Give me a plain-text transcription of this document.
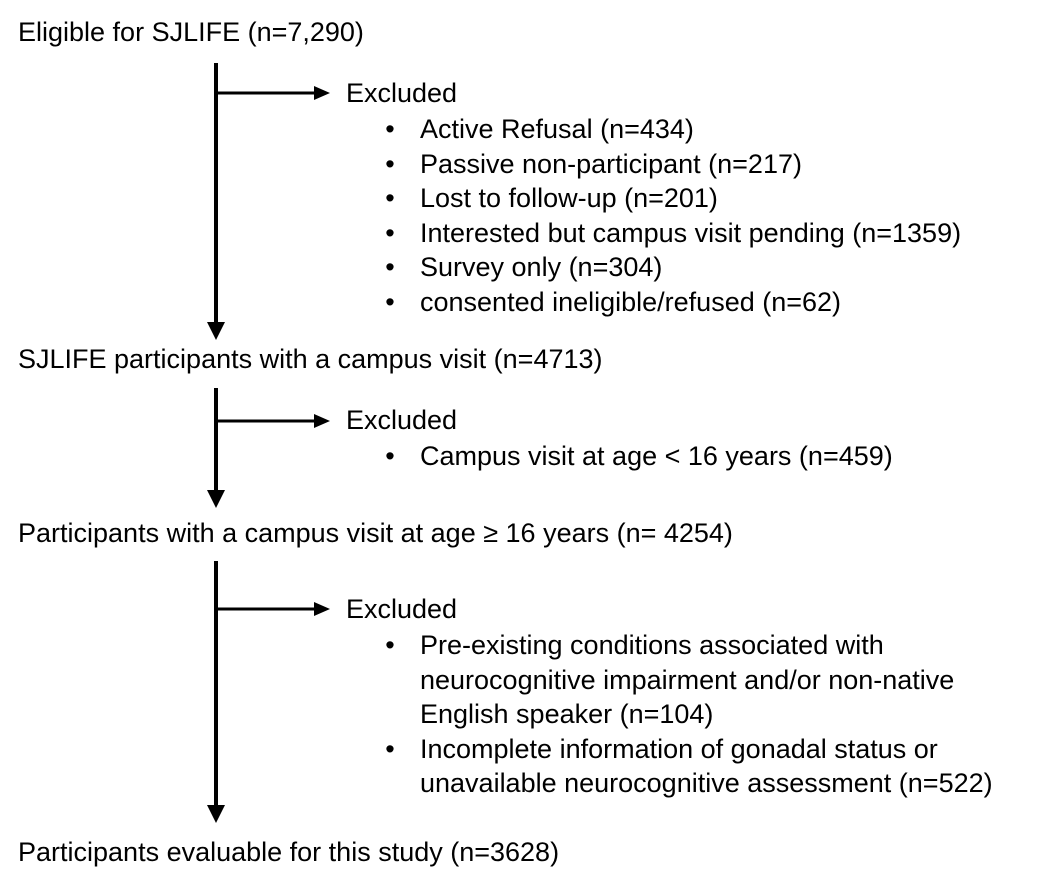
Eligible for SJLIFE (n=7,290)
SJLIFE participants with a campus visit (n=4713)
Participants with a campus visit at age ≥ 16 years (n= 4254)
Participants evaluable for this study (n=3628)
Excluded
• Active Refusal (n=434)
• Passive non-participant (n=217)
• Lost to follow-up (n=201)
• Interested but campus visit pending (n=1359)
• Survey only (n=304)
• consented ineligible/refused (n=62)
Excluded
• Campus visit at age < 16 years (n=459)
Excluded
• Pre-existing conditions associated with
neurocognitive impairment and/or non-native
English speaker (n=104)
• Incomplete information of gonadal status or
unavailable neurocognitive assessment (n=522)
